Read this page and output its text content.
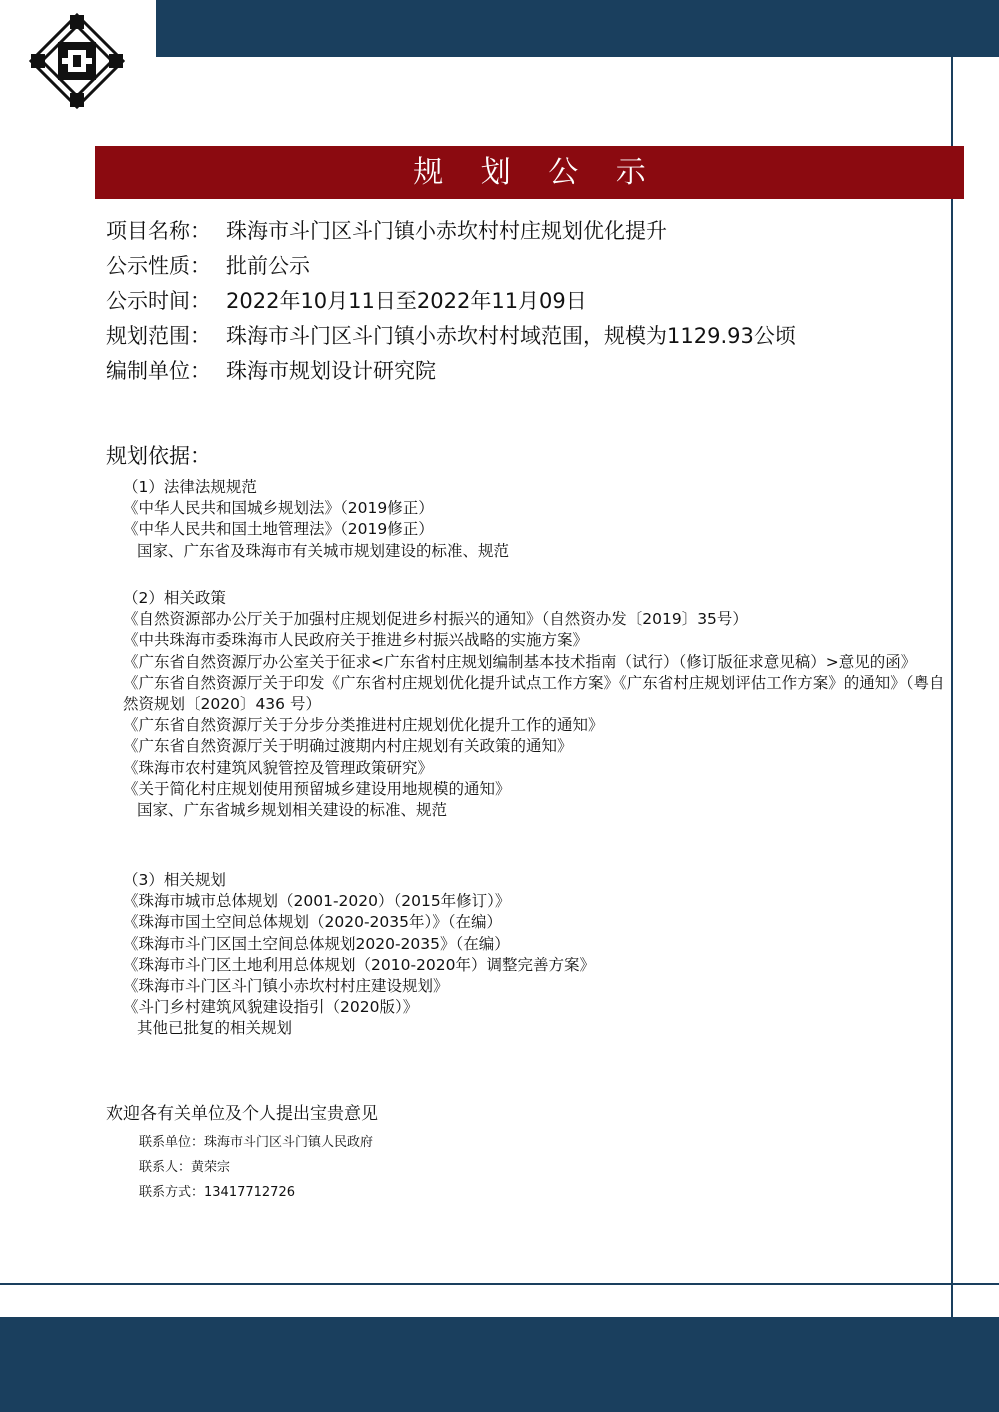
规 划 公 示
项目名称： 珠海市斗门区斗门镇小赤坎村村庄规划优化提升
公示性质： 批前公示
公示时间： 2022年10月11日至2022年11月09日
规划范围： 珠海市斗门区斗门镇小赤坎村村域范围，规模为1129.93公顷
编制单位： 珠海市规划设计研究院
规划依据：
（1）法律法规规范
《中华人民共和国城乡规划法》（2019修正）
《中华人民共和国土地管理法》（2019修正）
国家、广东省及珠海市有关城市规划建设的标准、规范
（2）相关政策
《自然资源部办公厅关于加强村庄规划促进乡村振兴的通知》（自然资办发〔2019〕35号）
《中共珠海市委珠海市人民政府关于推进乡村振兴战略的实施方案》
《广东省自然资源厅办公室关于征求<广东省村庄规划编制基本技术指南（试行）（修订版征求意见稿）>意见的函》
《广东省自然资源厅关于印发《广东省村庄规划优化提升试点工作方案》《广东省村庄规划评估工作方案》的通知》（粤自然资规划〔2020〕436 号）
《广东省自然资源厅关于分步分类推进村庄规划优化提升工作的通知》
《广东省自然资源厅关于明确过渡期内村庄规划有关政策的通知》
《珠海市农村建筑风貌管控及管理政策研究》
《关于简化村庄规划使用预留城乡建设用地规模的通知》
国家、广东省城乡规划相关建设的标准、规范
（3）相关规划
《珠海市城市总体规划（2001-2020）（2015年修订）》
《珠海市国土空间总体规划（2020-2035年）》（在编）
《珠海市斗门区国土空间总体规划2020-2035》（在编）
《珠海市斗门区土地利用总体规划（2010-2020年）调整完善方案》
《珠海市斗门区斗门镇小赤坎村村庄建设规划》
《斗门乡村建筑风貌建设指引（2020版）》
其他已批复的相关规划
欢迎各有关单位及个人提出宝贵意见
联系单位：珠海市斗门区斗门镇人民政府
联系人：黄荣宗
联系方式：13417712726
